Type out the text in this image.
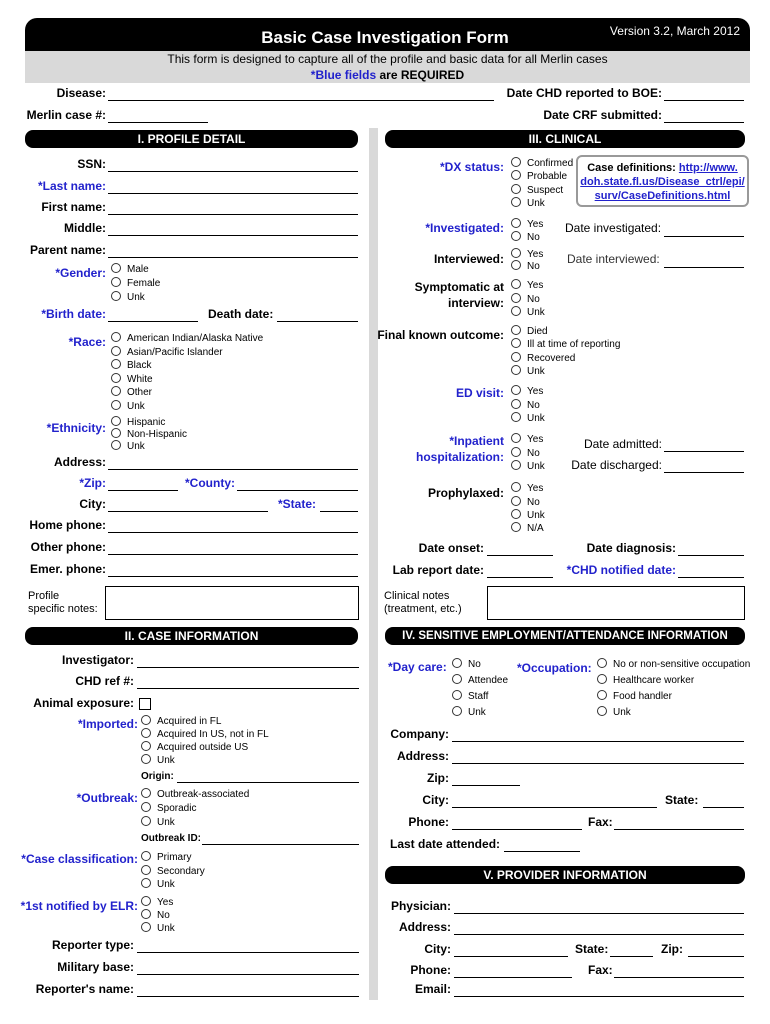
Basic Case Investigation Form	Version 3.2, March 2012
This form is designed to capture all of the profile and basic data for all Merlin cases
*Blue fields are REQUIRED
Disease:	Date CHD reported to BOE:
Merlin case #:	Date CRF submitted:
I. PROFILE DETAIL
SSN:
*Last name:
First name:
Middle:
Parent name:
*Gender:	Male
Female
Unk
*Birth date:	Death date:
*Race:	American Indian/Alaska Native
Asian/Pacific Islander
Black
White
Other
Unk
*Ethnicity:	Hispanic
Non-Hispanic
Unk
Address:
*Zip:	*County:
City:	*State:
Home phone:
Other phone:
Emer. phone:
Profile
specific notes:
II. CASE INFORMATION
Investigator:
CHD ref #:
Animal exposure:
*Imported:	Acquired in FL
Acquired In US, not in FL
Acquired outside US
Unk
Origin:
*Outbreak:	Outbreak-associated
Sporadic
Unk
Outbreak ID:
*Case classification:	Primary
Secondary
Unk
*1st notified by ELR:	Yes
No
Unk
Reporter type:
Military base:
Reporter's name:
III. CLINICAL
*DX status:	Confirmed
Probable
Suspect
Unk
Case definitions: http://www.
doh.state.fl.us/Disease_ctrl/epi/
surv/CaseDefinitions.html
*Investigated:	Yes
No
Date investigated:
Interviewed:	Yes
No
Date interviewed:
Symptomatic at
interview:
Yes
No
Unk
Final known outcome:	Died
Ill at time of reporting
Recovered
Unk
ED visit:	Yes
No
Unk
*Inpatient
hospitalization:
Yes
No
Unk
Date admitted:
Date discharged:
Prophylaxed:	Yes
No
Unk
N/A
Date onset:	Date diagnosis:
Lab report date:	*CHD notified date:
Clinical notes
(treatment, etc.)
IV. SENSITIVE EMPLOYMENT/ATTENDANCE INFORMATION
*Day care:	No
Attendee
Staff
Unk
*Occupation:	No or non-sensitive occupation
Healthcare worker
Food handler
Unk
Company:
Address:
Zip:
City:	State:
Phone:	Fax:
Last date attended:
V. PROVIDER INFORMATION
Physician:
Address:
City:	State:	Zip:
Phone:	Fax:
Email:
